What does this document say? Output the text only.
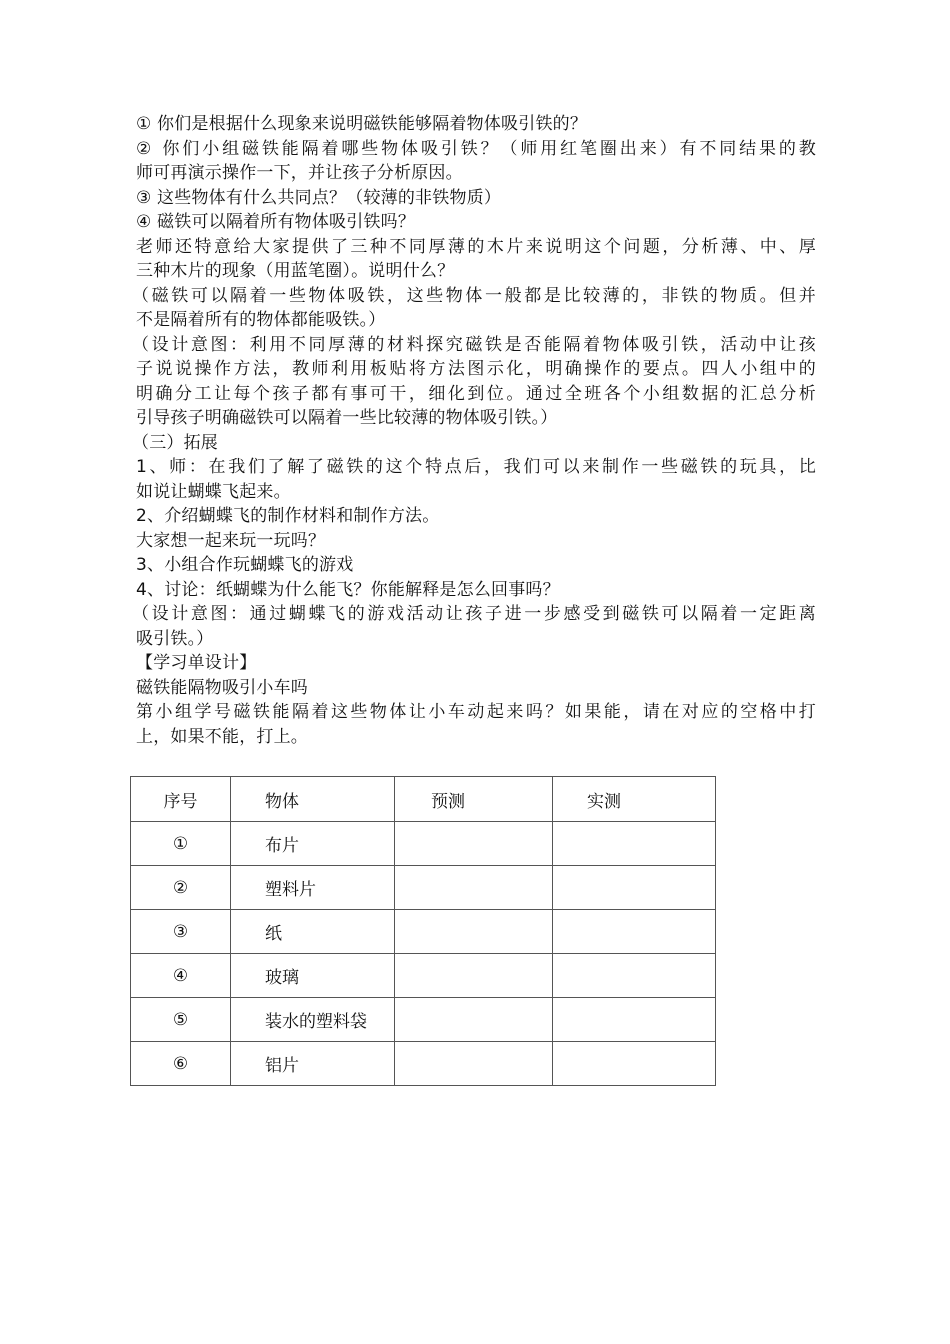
① 你们是根据什么现象来说明磁铁能够隔着物体吸引铁的？
② 你们小组磁铁能隔着哪些物体吸引铁？（师用红笔圈出来）有不同结果的教
师可再演示操作一下，并让孩子分析原因。
③ 这些物体有什么共同点？（较薄的非铁物质）
④ 磁铁可以隔着所有物体吸引铁吗？
老师还特意给大家提供了三种不同厚薄的木片来说明这个问题，分析薄、中、厚
三种木片的现象（用蓝笔圈）。说明什么？
（磁铁可以隔着一些物体吸铁，这些物体一般都是比较薄的，非铁的物质。但并
不是隔着所有的物体都能吸铁。）
（设计意图：利用不同厚薄的材料探究磁铁是否能隔着物体吸引铁，活动中让孩
子说说操作方法，教师利用板贴将方法图示化，明确操作的要点。四人小组中的
明确分工让每个孩子都有事可干，细化到位。通过全班各个小组数据的汇总分析
引导孩子明确磁铁可以隔着一些比较薄的物体吸引铁。）
（三）拓展
1、师：在我们了解了磁铁的这个特点后，我们可以来制作一些磁铁的玩具，比
如说让蝴蝶飞起来。
2、介绍蝴蝶飞的制作材料和制作方法。
大家想一起来玩一玩吗？
3、小组合作玩蝴蝶飞的游戏
4、讨论：纸蝴蝶为什么能飞？你能解释是怎么回事吗？
（设计意图：通过蝴蝶飞的游戏活动让孩子进一步感受到磁铁可以隔着一定距离
吸引铁。）
【学习单设计】
磁铁能隔物吸引小车吗
第小组学号磁铁能隔着这些物体让小车动起来吗？如果能，请在对应的空格中打
上，如果不能，打上。
序号	物体	预测	实测
①	布片		
②	塑料片		
③	纸		
④	玻璃		
⑤	装水的塑料袋		
⑥	铝片		
